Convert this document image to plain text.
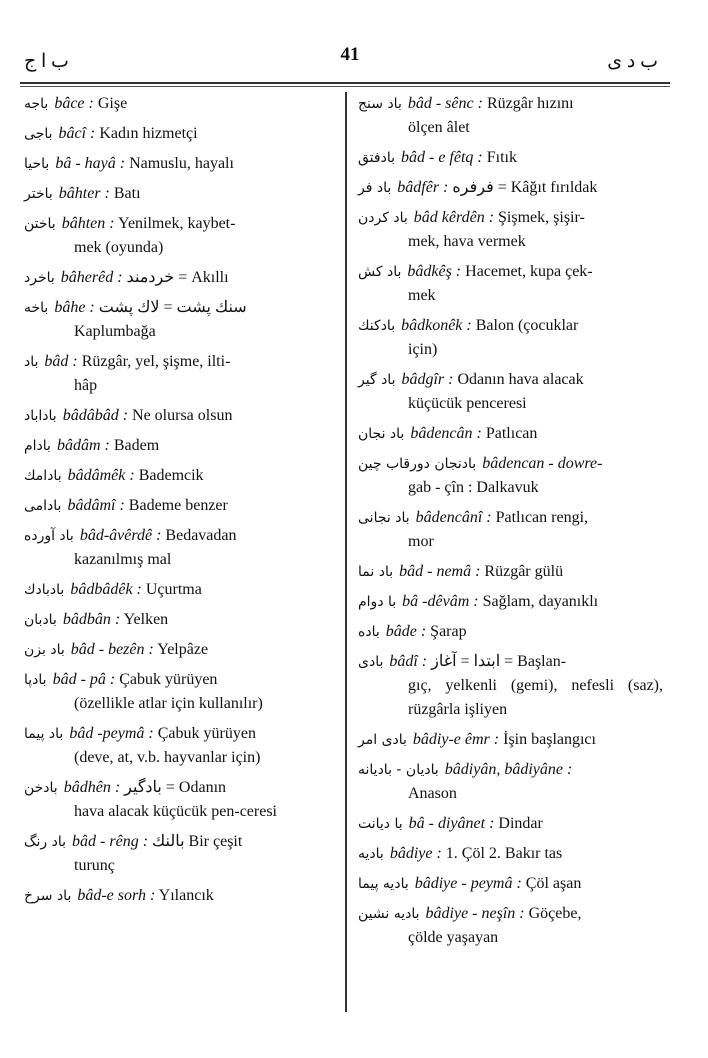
ب ا ج	41	ب د ى
باجه bâce : Gişe
باجی bâcî : Kadın hizmetçi
باحیا bâ - hayâ : Namuslu, hayalı
باختر bâhter : Batı
باختن bâhten : Yenilmek, kaybet-
mek (oyunda)
باخرد bâherêd : خردمند = Akıllı
باخه bâhe : سنك پشت = لاك پشت
Kaplumbağa
باد bâd : Rüzgâr, yel, şişme, ilti-
hâp
باداباد bâdâbâd : Ne olursa olsun
بادام bâdâm : Badem
بادامك bâdâmêk : Bademcik
بادامی bâdâmî : Bademe benzer
باد آورده bâd-âvêrdê : Bedavadan
kazanılmış mal
بادبادك bâdbâdêk : Uçurtma
بادبان bâdbân : Yelken
باد بزن bâd - bezên : Yelpâze
بادپا bâd - pâ : Çabuk yürüyen
(özellikle atlar için kullanılır)
باد پیما bâd -peymâ : Çabuk yürüyen
(deve, at, v.b. hayvanlar için)
بادخن bâdhên : بادگیر = Odanın
hava alacak küçücük pen-ceresi
باد رنگ bâd - rêng : بالنك Bir çeşit
turunç
باد سرخ bâd-e sorh : Yılancık
باد سنج bâd - sênc : Rüzgâr hızını
ölçen âlet
بادفتق bâd - e fêtq : Fıtık
باد فر bâdfêr : فرفره = Kâğıt fırıldak
باد کردن bâd kêrdên : Şişmek, şişir-
mek, hava vermek
باد کش bâdkêş : Hacemet, kupa çek-
mek
بادکنك bâdkonêk : Balon (çocuklar
için)
باد گیر bâdgîr : Odanın hava alacak
küçücük penceresi
باد نجان bâdencân : Patlıcan
بادنجان دورقاب چین bâdencan - dowre-
gab - çîn : Dalkavuk
باد نجانی bâdencânî : Patlıcan rengi,
mor
باد نما bâd - nemâ : Rüzgâr gülü
با دوام bâ -dêvâm : Sağlam, dayanıklı
باده bâde : Şarap
بادی bâdî : ابتدا = آغاز = Başlan-
gıç, yelkenli (gemi), nefesli (saz), rüzgârla işliyen
بادی امر bâdiy-e êmr : İşin başlangıcı
بادیان - بادیانه bâdiyân, bâdiyâne :
Anason
با دیانت bâ - diyânet : Dindar
بادیه bâdiye : 1. Çöl 2. Bakır tas
بادیه پیما bâdiye - peymâ : Çöl aşan
بادیه نشین bâdiye - neşîn : Göçebe,
çölde yaşayan
